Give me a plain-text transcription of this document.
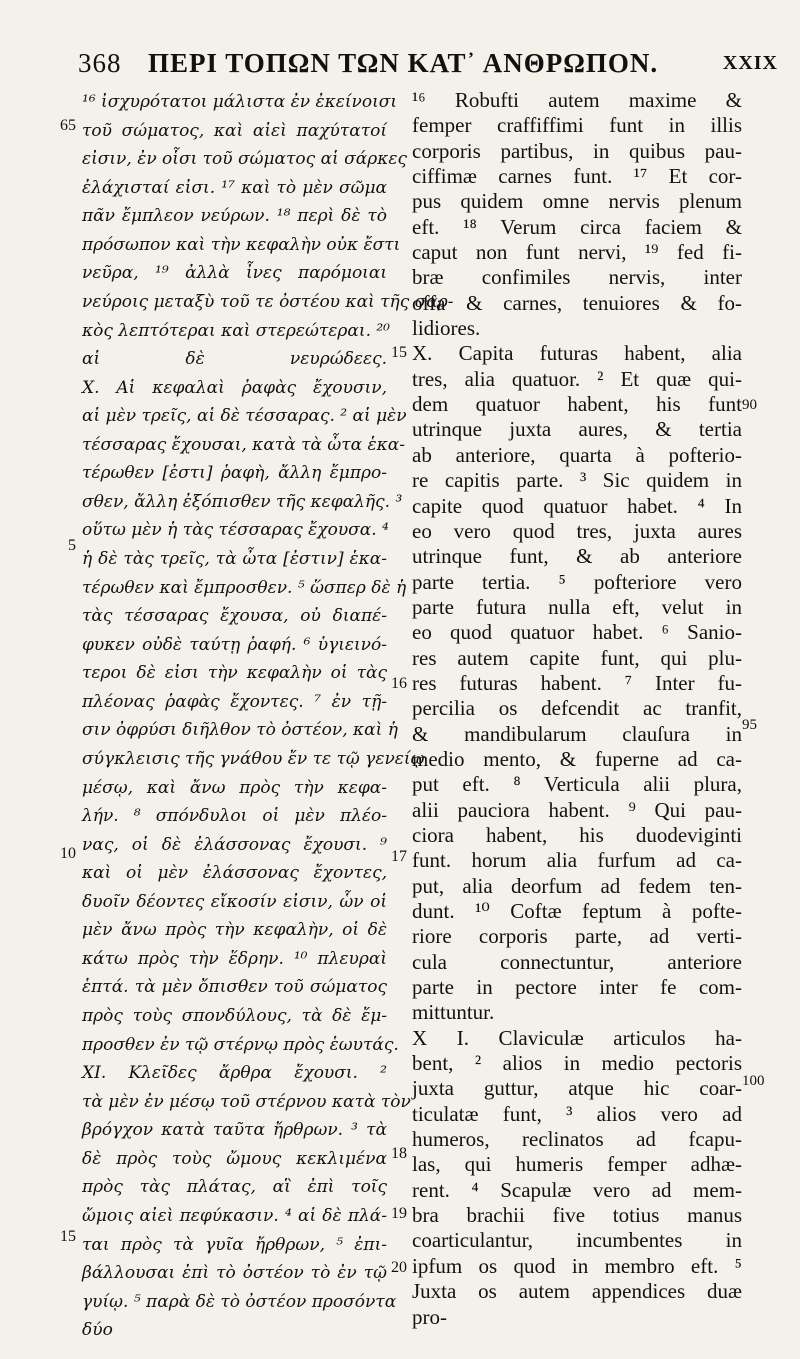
368 ΠΕΡΙ ΤΟΠΩΝ ΤΩΝ ΚΑΤ᾽ ΑΝΘΡΩΠΟΝ.	XXIX
65
5
10
15
15
16
17
18
19
20
90
95
100
¹⁶ ἰσχυρότατοι μάλιστα ἐν ἐκείνοισι
τοῦ σώματος, καὶ αἰεὶ παχύτατοί
εἰσιν, ἐν οἷσι τοῦ σώματος αἱ σάρκες
ἐλάχισταί εἰσι. ¹⁷ καὶ τὸ μὲν σῶμα
πᾶν ἔμπλεον νεύρων. ¹⁸ περὶ δὲ τὸ
πρόσωπον καὶ τὴν κεφαλὴν οὐκ ἔστι
νεῦρα, ¹⁹ ἀλλὰ ἶνες παρόμοιαι
νεύροις μεταξὺ τοῦ τε ὀστέου καὶ τῆς σαρ-
κὸς λεπτότεραι καὶ στερεώτεραι. ²⁰
αἱ δὲ νευρώδεες.
X. Αἱ κεφαλαὶ ῥαφὰς ἔχουσιν,
αἱ μὲν τρεῖς, αἱ δὲ τέσσαρας. ² αἱ μὲν
τέσσαρας ἔχουσαι, κατὰ τὰ ὦτα ἑκα-
τέρωθεν [ἐστι] ῥαφὴ, ἄλλη ἔμπρο-
σθεν, ἄλλη ἐξόπισθεν τῆς κεφαλῆς. ³
οὕτω μὲν ἡ τὰς τέσσαρας ἔχουσα. ⁴
ἡ δὲ τὰς τρεῖς, τὰ ὦτα [ἐστιν] ἑκα-
τέρωθεν καὶ ἔμπροσθεν. ⁵ ὥσπερ δὲ ἡ
τὰς τέσσαρας ἔχουσα, οὐ διαπέ-
φυκεν οὐδὲ ταύτῃ ῥαφή. ⁶ ὑγιεινό-
τεροι δὲ εἰσι τὴν κεφαλὴν οἱ τὰς
πλέονας ῥαφὰς ἔχοντες. ⁷ ἐν τῇ-
σιν ὀφρύσι διῆλθον τὸ ὀστέον, καὶ ἡ
σύγκλεισις τῆς γνάθου ἔν τε τῷ γενείῳ
μέσῳ, καὶ ἄνω πρὸς τὴν κεφα-
λήν. ⁸ σπόνδυλοι οἱ μὲν πλέο-
νας, οἱ δὲ ἐλάσσονας ἔχουσι. ⁹
καὶ οἱ μὲν ἐλάσσονας ἔχοντες,
δυοῖν δέοντες εἴκοσίν εἰσιν, ὧν οἱ
μὲν ἄνω πρὸς τὴν κεφαλὴν, οἱ δὲ
κάτω πρὸς τὴν ἕδρην. ¹⁰ πλευραὶ
ἑπτά. τὰ μὲν ὄπισθεν τοῦ σώματος
πρὸς τοὺς σπονδύλους, τὰ δὲ ἔμ-
προσθεν ἐν τῷ στέρνῳ πρὸς ἑωυτάς.
XI. Κλεῖδες ἄρθρα ἔχουσι. ²
τὰ μὲν ἐν μέσῳ τοῦ στέρνου κατὰ τὸν
βρόγχον κατὰ ταῦτα ἤρθρων. ³ τὰ
δὲ πρὸς τοὺς ὤμους κεκλιμένα
πρὸς τὰς πλάτας, αἳ ἐπὶ τοῖς
ὤμοις αἰεὶ πεφύκασιν. ⁴ αἱ δὲ πλά-
ται πρὸς τὰ γυῖα ἤρθρων, ⁵ ἐπι-
βάλλουσαι ἐπὶ τὸ ὀστέον τὸ ἐν τῷ
γυίῳ. ⁵ παρὰ δὲ τὸ ὀστέον προσόντα
δύο
¹⁶ Robufti autem maxime &
femper craffiffimi funt in illis
corporis partibus, in quibus pau-
ciffimæ carnes funt. ¹⁷ Et cor-
pus quidem omne nervis plenum
eft. ¹⁸ Verum circa faciem &
caput non funt nervi, ¹⁹ fed fi-
bræ confimiles nervis, inter
offa & carnes, tenuiores & fo-
lidiores.
X. Capita futuras habent, alia
tres, alia quatuor. ² Et quæ qui-
dem quatuor habent, his funt
utrinque juxta aures, & tertia
ab anteriore, quarta à pofterio-
re capitis parte. ³ Sic quidem in
capite quod quatuor habet. ⁴ In
eo vero quod tres, juxta aures
utrinque funt, & ab anteriore
parte tertia. ⁵ pofteriore vero
parte futura nulla eft, velut in
eo quod quatuor habet. ⁶ Sanio-
res autem capite funt, qui plu-
res futuras habent. ⁷ Inter fu-
percilia os defcendit ac tranfit,
& mandibularum clauſura in
medio mento, & fuperne ad ca-
put eft. ⁸ Verticula alii plura,
alii pauciora habent. ⁹ Qui pau-
ciora habent, his duodeviginti
funt. horum alia furfum ad ca-
put, alia deorfum ad fedem ten-
dunt. ¹⁰ Coftæ feptum à pofte-
riore corporis parte, ad verti-
cula connectuntur, anteriore
parte in pectore inter fe com-
mittuntur.
X I. Claviculæ articulos ha-
bent, ² alios in medio pectoris
juxta guttur, atque hic coar-
ticulatæ funt, ³ alios vero ad
humeros, reclinatos ad fcapu-
las, qui humeris femper adhæ-
rent. ⁴ Scapulæ vero ad mem-
bra brachii five totius manus
coarticulantur, incumbentes in
ipfum os quod in membro eft. ⁵
Juxta os autem appendices duæ
pro-
